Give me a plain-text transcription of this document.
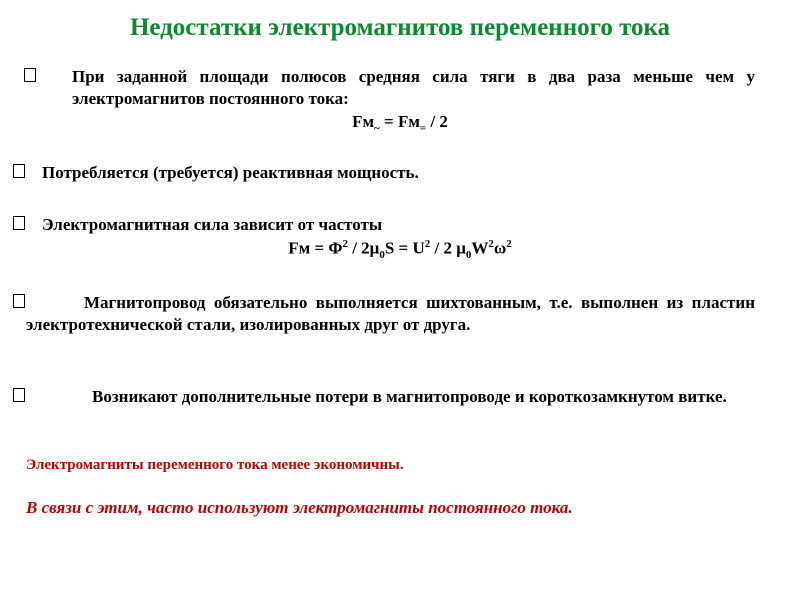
Недостатки электромагнитов переменного тока
При заданной площади полюсов средняя сила тяги в два раза меньше чем у электромагнитов постоянного тока:
$Fм_\sim = Fм_= / 2$
Потребляется (требуется) реактивная мощность.
Электромагнитная сила зависит от частоты
Fм = $\Phi^2 / 2\mu_0S = U^2 / 2$ $\mu_0W^2\omega^2$
Магнитопровод обязательно выполняется шихтованным, т.е. выполнен из пластин электротехнической стали, изолированных друг от друга.
Возникают дополнительные потери в магнитопроводе и короткозамкнутом витке.
Электромагниты переменного тока менее экономичны.
В связи с этим, часто используют электромагниты постоянного тока.
